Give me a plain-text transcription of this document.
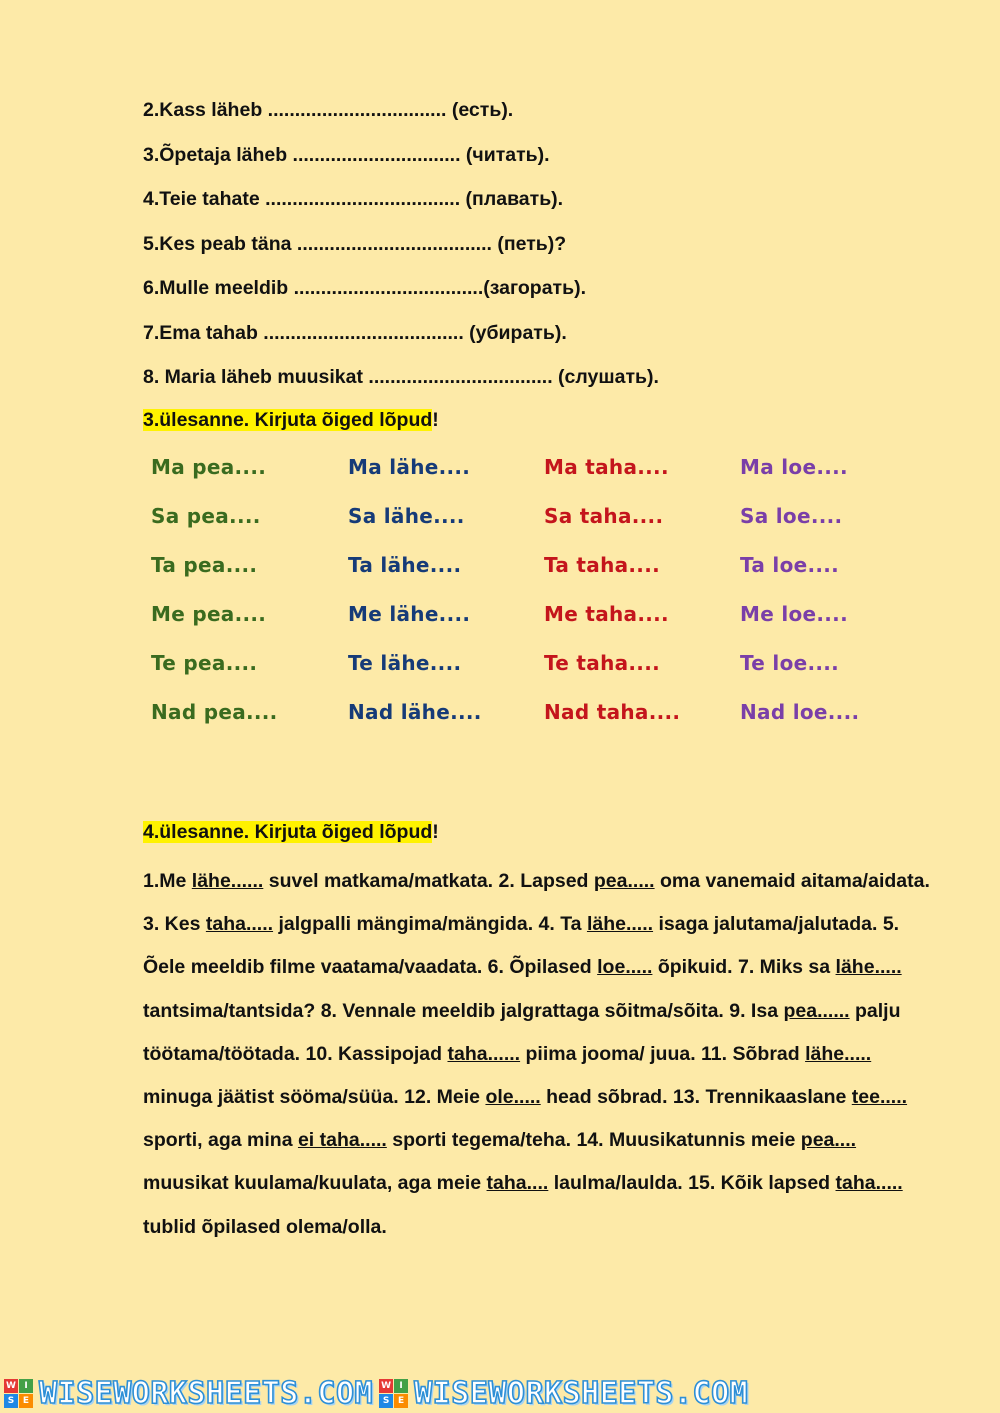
2.Kass läheb ................................. (есть).
3.Õpetaja läheb ............................... (читать).
4.Teie tahate .................................... (плавать).
5.Kes peab täna .................................... (петь)?
6.Mulle meeldib ...................................(загорать).
7.Ema tahab ..................................... (убирать).
8. Maria läheb muusikat .................................. (слушать).
3.ülesanne. Kirjuta õiged lõpud!
Ma pea....
Sa pea....
Ta pea....
Me pea....
Te pea....
Nad pea....
Ma lähe....
Sa lähe....
Ta lähe....
Me lähe....
Te lähe....
Nad lähe....
Ma taha....
Sa taha....
Ta taha....
Me taha....
Te taha....
Nad taha....
Ma loe....
Sa loe....
Ta loe....
Me loe....
Te loe....
Nad loe....
4.ülesanne. Kirjuta õiged lõpud!
1.Me lähe...... suvel matkama/matkata. 2. Lapsed pea..... oma vanemaid aitama/aidata. 3. Kes taha..... jalgpalli mängima/mängida. 4. Ta lähe..... isaga jalutama/jalutada. 5. Õele meeldib filme vaatama/vaadata. 6. Õpilased loe..... õpikuid. 7. Miks sa lähe..... tantsima/tantsida? 8. Vennale meeldib jalgrattaga sõitma/sõita. 9. Isa pea...... palju töötama/töötada. 10. Kassipojad taha...... piima jooma/ juua. 11. Sõbrad lähe..... minuga jäätist sööma/süüa. 12. Meie ole..... head sõbrad. 13. Trennikaaslane tee..... sporti, aga mina ei taha..... sporti tegema/teha. 14. Muusikatunnis meie pea.... muusikat kuulama/kuulata, aga meie taha.... laulma/laulda. 15. Kõik lapsed taha..... tublid õpilased olema/olla.
W I
S E WISEWORKSHEETS.COM W I
S E WISEWORKSHEETS.COM
